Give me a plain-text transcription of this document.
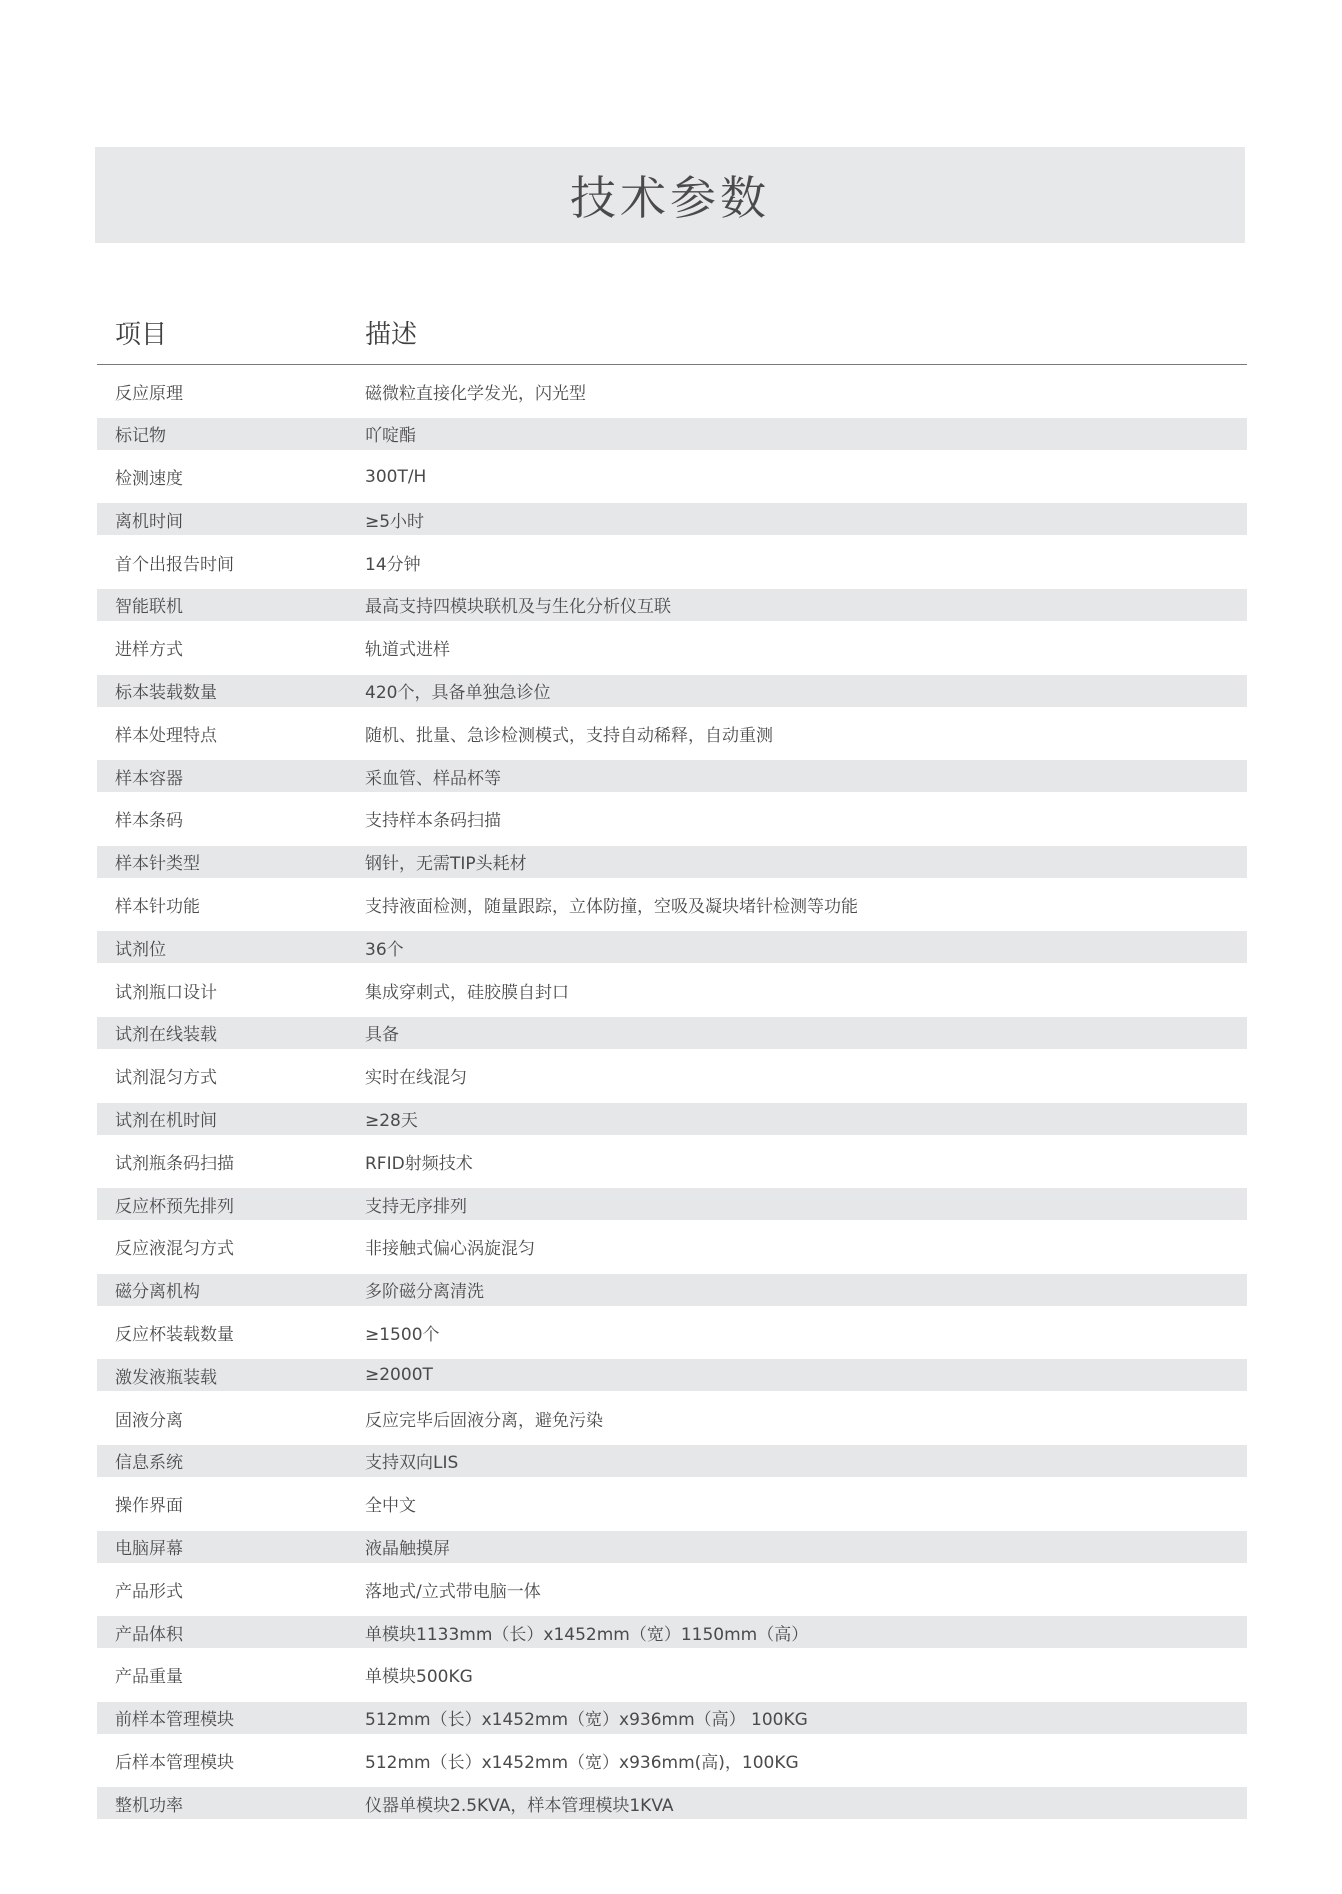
技术参数
项目	描述
反应原理	磁微粒直接化学发光，闪光型
标记物	吖啶酯
检测速度	300T/H
离机时间	≥5小时
首个出报告时间	14分钟
智能联机	最高支持四模块联机及与生化分析仪互联
进样方式	轨道式进样
标本装载数量	420个，具备单独急诊位
样本处理特点	随机、批量、急诊检测模式，支持自动稀释，自动重测
样本容器	采血管、样品杯等
样本条码	支持样本条码扫描
样本针类型	钢针，无需TIP头耗材
样本针功能	支持液面检测，随量跟踪，立体防撞，空吸及凝块堵针检测等功能
试剂位	36个
试剂瓶口设计	集成穿刺式，硅胶膜自封口
试剂在线装载	具备
试剂混匀方式	实时在线混匀
试剂在机时间	≥28天
试剂瓶条码扫描	RFID射频技术
反应杯预先排列	支持无序排列
反应液混匀方式	非接触式偏心涡旋混匀
磁分离机构	多阶磁分离清洗
反应杯装载数量	≥1500个
激发液瓶装载	≥2000T
固液分离	反应完毕后固液分离，避免污染
信息系统	支持双向LIS
操作界面	全中文
电脑屏幕	液晶触摸屏
产品形式	落地式/立式带电脑一体
产品体积	单模块1133mm（长）x1452mm（宽）1150mm（高）
产品重量	单模块500KG
前样本管理模块	512mm（长）x1452mm（宽）x936mm（高） 100KG
后样本管理模块	512mm（长）x1452mm（宽）x936mm(高)，100KG
整机功率	仪器单模块2.5KVA，样本管理模块1KVA
